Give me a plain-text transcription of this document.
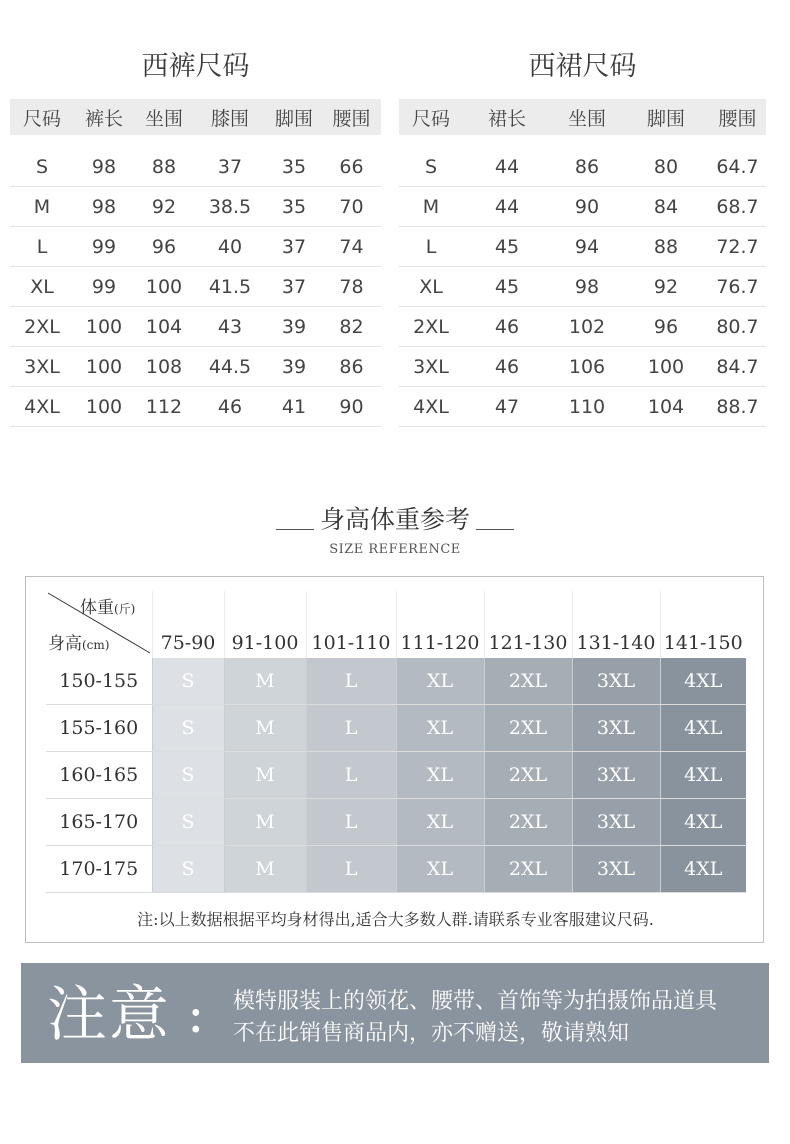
西裤尺码
尺码	裤长	坐围	膝围	脚围	腰围

S	98	88	37	35	66
M	98	92	38.5	35	70
L	99	96	40	37	74
XL	99	100	41.5	37	78
2XL	100	104	43	39	82
3XL	100	108	44.5	39	86
4XL	100	112	46	41	90
西裙尺码
尺码	裙长	坐围	脚围	腰围

S	44	86	80	64.7
M	44	90	84	68.7
L	45	94	88	72.7
XL	45	98	92	76.7
2XL	46	102	96	80.7
3XL	46	106	100	84.7
4XL	47	110	104	88.7
身高体重参考
SIZE REFERENCE
体重(斤)
身高(cm)	75-90	91-100	101-110	111-120	121-130	131-140	141-150
150-155	S	M	L	XL	2XL	3XL	4XL
155-160	S	M	L	XL	2XL	3XL	4XL
160-165	S	M	L	XL	2XL	3XL	4XL
165-170	S	M	L	XL	2XL	3XL	4XL
170-175	S	M	L	XL	2XL	3XL	4XL
注:以上数据根据平均身材得出,适合大多数人群.请联系专业客服建议尺码.
注意 : 模特服装上的领花、腰带、首饰等为拍摄饰品道具
不在此销售商品内，亦不赠送，敬请熟知
